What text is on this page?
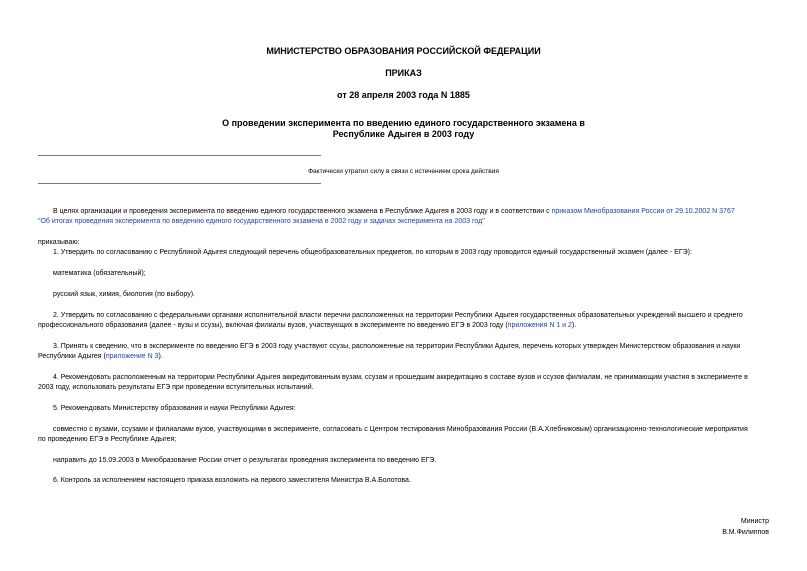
МИНИСТЕРСТВО ОБРАЗОВАНИЯ РОССИЙСКОЙ ФЕДЕРАЦИИ
ПРИКАЗ
от 28 апреля 2003 года N 1885
О проведении эксперимента по введению единого государственного экзамена в
Республике Адыгея в 2003 году
Фактически утратил силу в связи с истечением срока действия
В целях организации и проведения эксперимента по введению единого государственного экзамена в Республике Адыгея в 2003 году и в соответствии с приказом Минобразования России от 29.10.2002 N 3767
"Об итогах проведения эксперимента по введению единого государственного экзамена в 2002 году и задачах эксперимента на 2003 год"
приказываю:
1. Утвердить по согласованию с Республикой Адыгея следующий перечень общеобразовательных предметов, по которым в 2003 году проводится единый государственный экзамен (далее - ЕГЭ):
математика (обязательный);
русский язык, химия, биология (по выбору).
2. Утвердить по согласованию с федеральными органами исполнительной власти перечни расположенных на территории Республики Адыгея государственных образовательных учреждений высшего и среднего
профессионального образования (далее - вузы и ссузы), включая филиалы вузов, участвующих в эксперименте по введению ЕГЭ в 2003 году (приложения N 1 и 2).
3. Принять к сведению, что в эксперименте по введению ЕГЭ в 2003 году участвуют ссузы, расположенные на территории Республики Адыгея, перечень которых утвержден Министерством образования и науки
Республики Адыгея (приложение N 3).
4. Рекомендовать расположенным на территории Республики Адыгея аккредитованным вузам, ссузам и прошедшим аккредитацию в составе вузов и ссузов филиалам, не принимающим участия в эксперименте в
2003 году, использовать результаты ЕГЭ при проведении вступительных испытаний.
5. Рекомендовать Министерству образования и науки Республики Адыгея:
совместно с вузами, ссузами и филиалами вузов, участвующими в эксперименте, согласовать с Центром тестирования Минобразования России (В.А.Хлебниковым) организационно-технологические мероприятия
по проведению ЕГЭ в Республике Адыгея;
направить до 15.09.2003 в Минобразование России отчет о результатах проведения эксперимента по введению ЕГЭ.
6. Контроль за исполнением настоящего приказа возложить на первого заместителя Министра В.А.Болотова.
Министр
В.М.Филиппов
